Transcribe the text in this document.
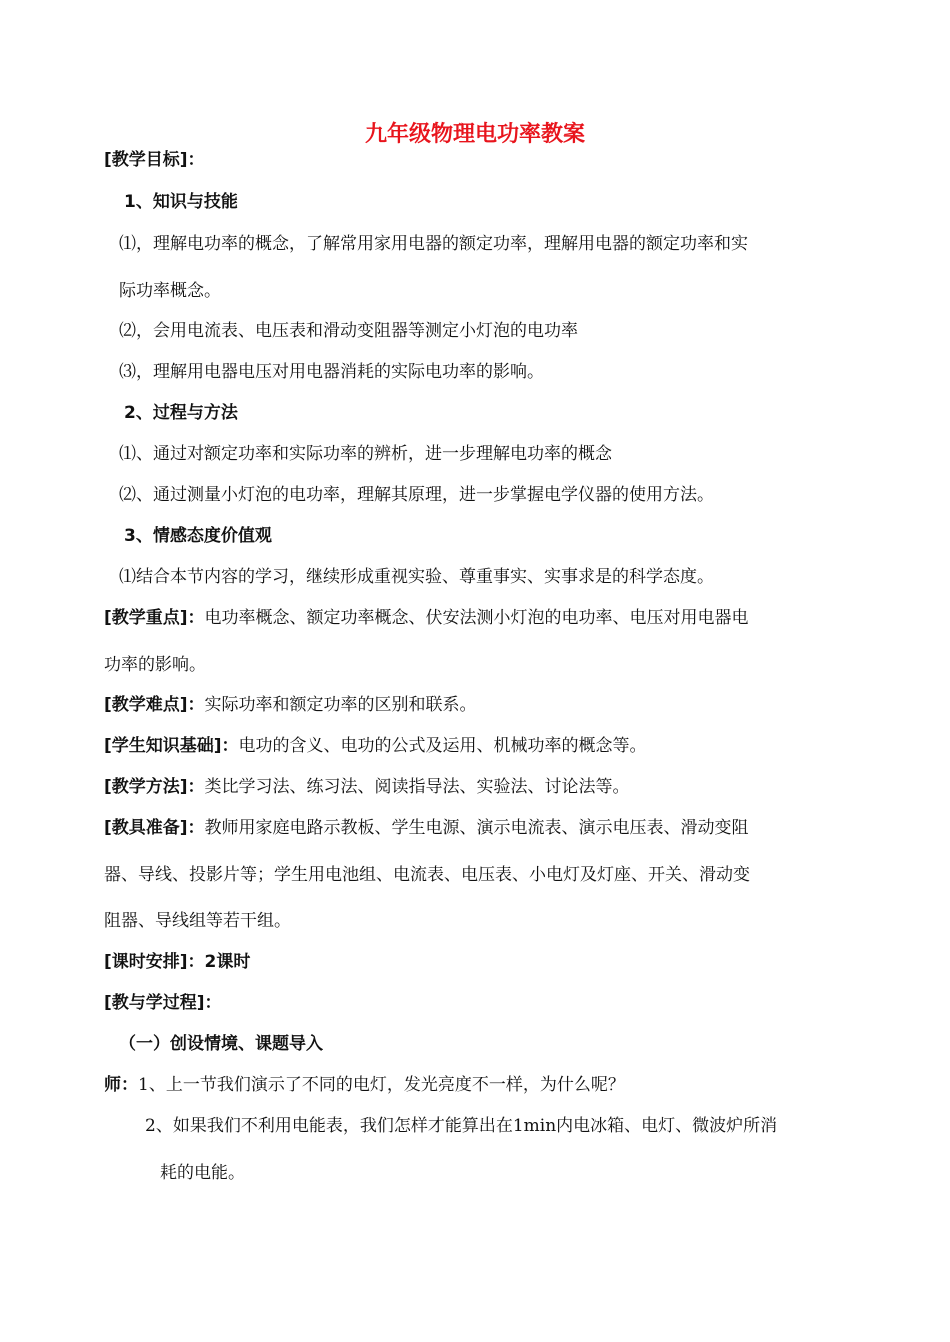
九年级物理电功率教案
[教学目标]：
1、知识与技能
⑴，理解电功率的概念，了解常用家用电器的额定功率，理解用电器的额定功率和实
际功率概念。
⑵，会用电流表、电压表和滑动变阻器等测定小灯泡的电功率
⑶，理解用电器电压对用电器消耗的实际电功率的影响。
2、过程与方法
⑴、通过对额定功率和实际功率的辨析，进一步理解电功率的概念
⑵、通过测量小灯泡的电功率，理解其原理，进一步掌握电学仪器的使用方法。
3、情感态度价值观
⑴结合本节内容的学习，继续形成重视实验、尊重事实、实事求是的科学态度。
[教学重点]：电功率概念、额定功率概念、伏安法测小灯泡的电功率、电压对用电器电
功率的影响。
[教学难点]：实际功率和额定功率的区别和联系。
[学生知识基础]：电功的含义、电功的公式及运用、机械功率的概念等。
[教学方法]：类比学习法、练习法、阅读指导法、实验法、讨论法等。
[教具准备]：教师用家庭电路示教板、学生电源、演示电流表、演示电压表、滑动变阻
器、导线、投影片等；学生用电池组、电流表、电压表、小电灯及灯座、开关、滑动变
阻器、导线组等若干组。
[课时安排]：2课时
[教与学过程]：
（一）创设情境、课题导入
师：1、上一节我们演示了不同的电灯，发光亮度不一样，为什么呢？
2、如果我们不利用电能表，我们怎样才能算出在1min内电冰箱、电灯、微波炉所消
耗的电能。
